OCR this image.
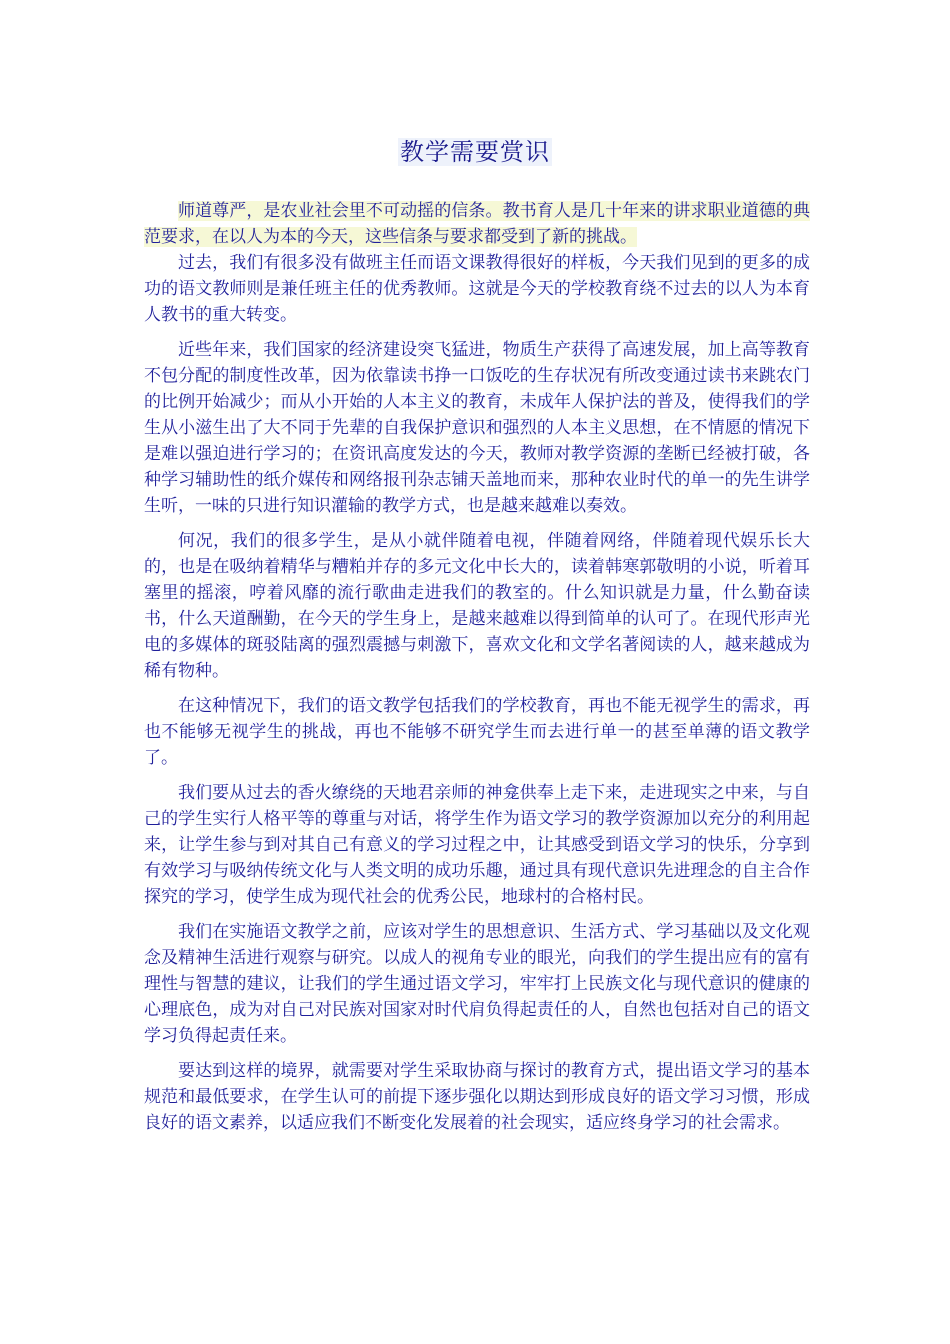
教学需要赏识

师道尊严，是农业社会里不可动摇的信条。教书育人是几十年来的讲求职业道德的典范要求，在以人为本的今天，这些信条与要求都受到了新的挑战。

过去，我们有很多没有做班主任而语文课教得很好的样板，今天我们见到的更多的成功的语文教师则是兼任班主任的优秀教师。这就是今天的学校教育绕不过去的以人为本育人教书的重大转变。

近些年来，我们国家的经济建设突飞猛进，物质生产获得了高速发展，加上高等教育不包分配的制度性改革，因为依靠读书挣一口饭吃的生存状况有所改变通过读书来跳农门的比例开始减少；而从小开始的人本主义的教育，未成年人保护法的普及，使得我们的学生从小滋生出了大不同于先辈的自我保护意识和强烈的人本主义思想，在不情愿的情况下是难以强迫进行学习的；在资讯高度发达的今天，教师对教学资源的垄断已经被打破，各种学习辅助性的纸介媒传和网络报刊杂志铺天盖地而来，那种农业时代的单一的先生讲学生听，一味的只进行知识灌输的教学方式，也是越来越难以奏效。

何况，我们的很多学生，是从小就伴随着电视，伴随着网络，伴随着现代娱乐长大的，也是在吸纳着精华与糟粕并存的多元文化中长大的，读着韩寒郭敬明的小说，听着耳塞里的摇滚，哼着风靡的流行歌曲走进我们的教室的。什么知识就是力量，什么勤奋读书，什么天道酬勤，在今天的学生身上，是越来越难以得到简单的认可了。在现代形声光电的多媒体的斑驳陆离的强烈震撼与刺激下，喜欢文化和文学名著阅读的人，越来越成为稀有物种。

在这种情况下，我们的语文教学包括我们的学校教育，再也不能无视学生的需求，再也不能够无视学生的挑战，再也不能够不研究学生而去进行单一的甚至单薄的语文教学了。

我们要从过去的香火缭绕的天地君亲师的神龛供奉上走下来，走进现实之中来，与自己的学生实行人格平等的尊重与对话，将学生作为语文学习的教学资源加以充分的利用起来，让学生参与到对其自己有意义的学习过程之中，让其感受到语文学习的快乐，分享到有效学习与吸纳传统文化与人类文明的成功乐趣，通过具有现代意识先进理念的自主合作探究的学习，使学生成为现代社会的优秀公民，地球村的合格村民。

我们在实施语文教学之前，应该对学生的思想意识、生活方式、学习基础以及文化观念及精神生活进行观察与研究。以成人的视角专业的眼光，向我们的学生提出应有的富有理性与智慧的建议，让我们的学生通过语文学习，牢牢打上民族文化与现代意识的健康的心理底色，成为对自己对民族对国家对时代肩负得起责任的人，自然也包括对自己的语文学习负得起责任来。

要达到这样的境界，就需要对学生采取协商与探讨的教育方式，提出语文学习的基本规范和最低要求，在学生认可的前提下逐步强化以期达到形成良好的语文学习习惯，形成良好的语文素养，以适应我们不断变化发展着的社会现实，适应终身学习的社会需求。
